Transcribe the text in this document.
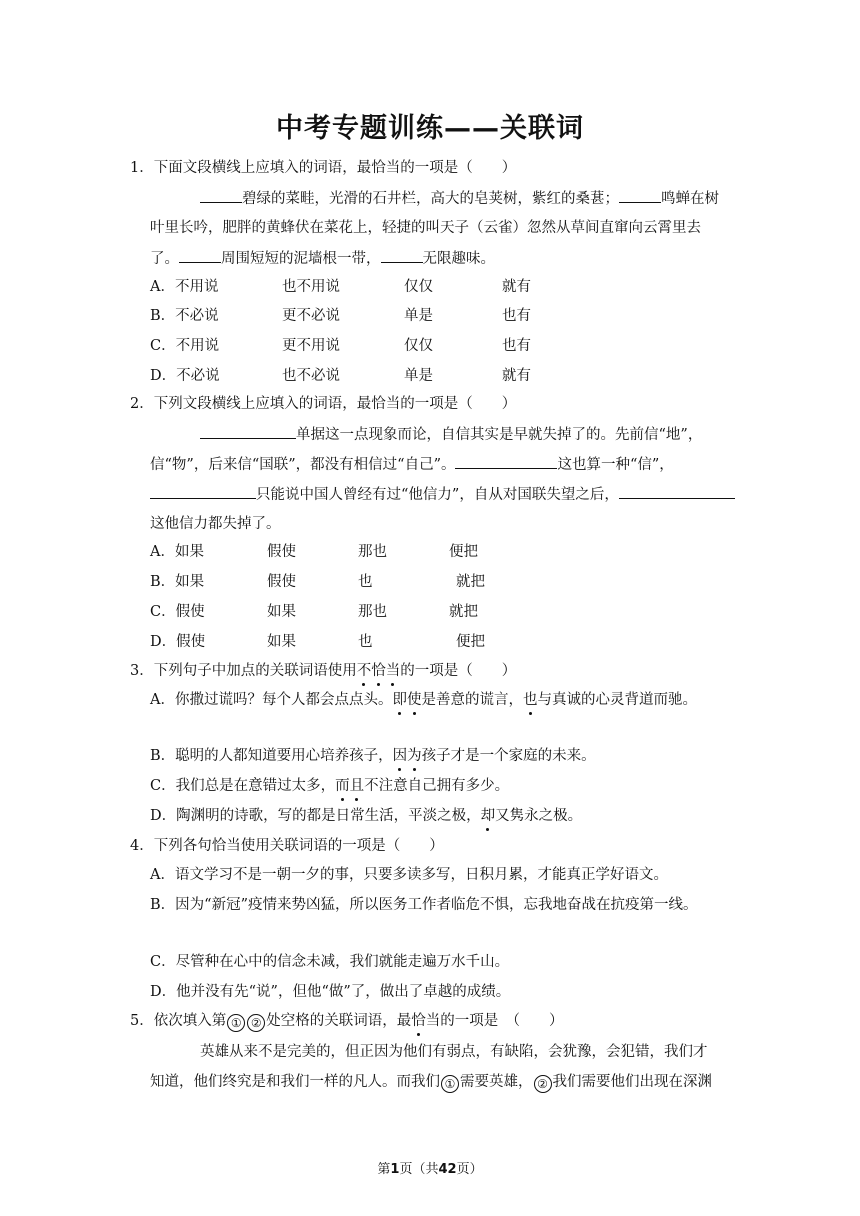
中考专题训练——关联词
1．下面文段横线上应填入的词语，最恰当的一项是（　　）
碧绿的菜畦，光滑的石井栏，高大的皂荚树，紫红的桑葚；	鸣蝉在树
叶里长吟，肥胖的黄蜂伏在菜花上，轻捷的叫天子（云雀）忽然从草间直窜向云霄里去
了。	周围短短的泥墙根一带，	无限趣味。
A．不用说	也不用说	仅仅	就有
B．不必说	更不必说	单是	也有
C．不用说	更不用说	仅仅	也有
D．不必说	也不必说	单是	就有
2．下列文段横线上应填入的词语，最恰当的一项是（　　）
单据这一点现象而论，自信其实是早就失掉了的。先前信“地”，
信“物”，后来信“国联”，都没有相信过“自己”。	这也算一种“信”，
只能说中国人曾经有过“他信力”，自从对国联失望之后，
这他信力都失掉了。
A．如果	假使	那也	便把
B．如果	假使	也	就把
C．假使	如果	那也	就把
D．假使	如果	也	便把
3．下列句子中加点的关联词语使用不恰当的一项是（　　）
A．你撒过谎吗？每个人都会点点头。即使是善意的谎言，也与真诚的心灵背道而驰。
B．聪明的人都知道要用心培养孩子，因为孩子才是一个家庭的未来。
C．我们总是在意错过太多，而且不注意自己拥有多少。
D．陶渊明的诗歌，写的都是日常生活，平淡之极，却又隽永之极。
4．下列各句恰当使用关联词语的一项是（　　）
A．语文学习不是一朝一夕的事，只要多读多写，日积月累，才能真正学好语文。
B．因为“新冠”疫情来势凶猛，所以医务工作者临危不惧，忘我地奋战在抗疫第一线。
C．尽管种在心中的信念未减，我们就能走遍万水千山。
D．他并没有先“说”，但他“做”了，做出了卓越的成绩。
5．依次填入第 ① ② 处空格的关联词语，最恰当的一项是　（　　）
英雄从来不是完美的，但正因为他们有弱点，有缺陷，会犹豫，会犯错，我们才
知道，他们终究是和我们一样的凡人。而我们 ① 需要英雄， ② 我们需要他们出现在深渊
第1页（共42页）
